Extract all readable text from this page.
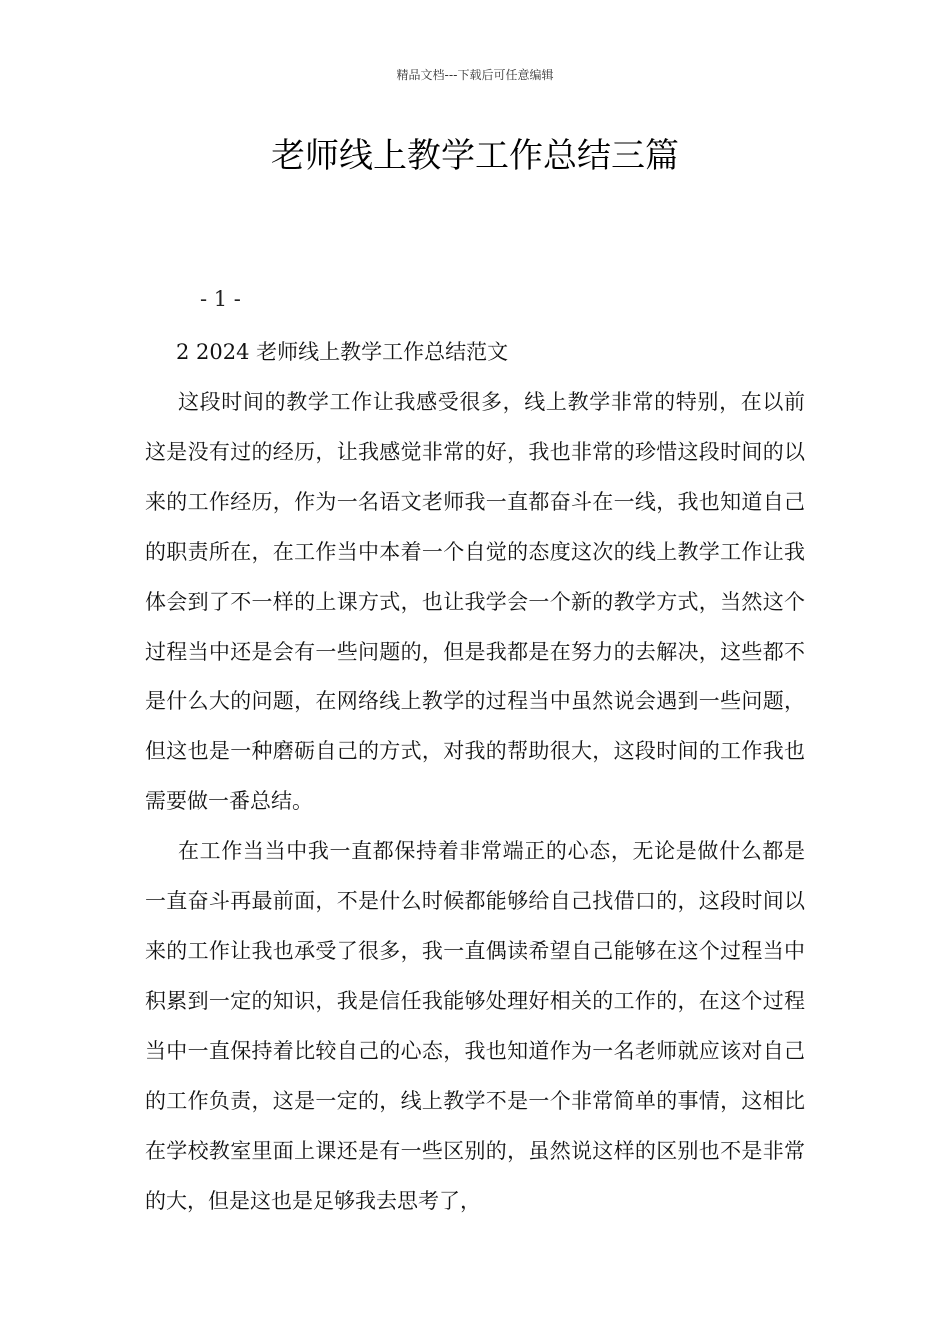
精品文档---下载后可任意编辑
老师线上教学工作总结三篇
- 1 -
2 2024 老师线上教学工作总结范文

这段时间的教学工作让我感受很多，线上教学非常的特别，在以前这是没有过的经历，让我感觉非常的好，我也非常的珍惜这段时间的以来的工作经历，作为一名语文老师我一直都奋斗在一线，我也知道自己的职责所在，在工作当中本着一个自觉的态度这次的线上教学工作让我体会到了不一样的上课方式，也让我学会一个新的教学方式，当然这个过程当中还是会有一些问题的，但是我都是在努力的去解决，这些都不是什么大的问题，在网络线上教学的过程当中虽然说会遇到一些问题，但这也是一种磨砺自己的方式，对我的帮助很大，这段时间的工作我也需要做一番总结。

在工作当当中我一直都保持着非常端正的心态，无论是做什么都是一直奋斗再最前面，不是什么时候都能够给自己找借口的，这段时间以来的工作让我也承受了很多，我一直偶读希望自己能够在这个过程当中积累到一定的知识，我是信任我能够处理好相关的工作的，在这个过程当中一直保持着比较自己的心态，我也知道作为一名老师就应该对自己的工作负责，这是一定的，线上教学不是一个非常简单的事情，这相比在学校教室里面上课还是有一些区别的，虽然说这样的区别也不是非常的大，但是这也是足够我去思考了，
